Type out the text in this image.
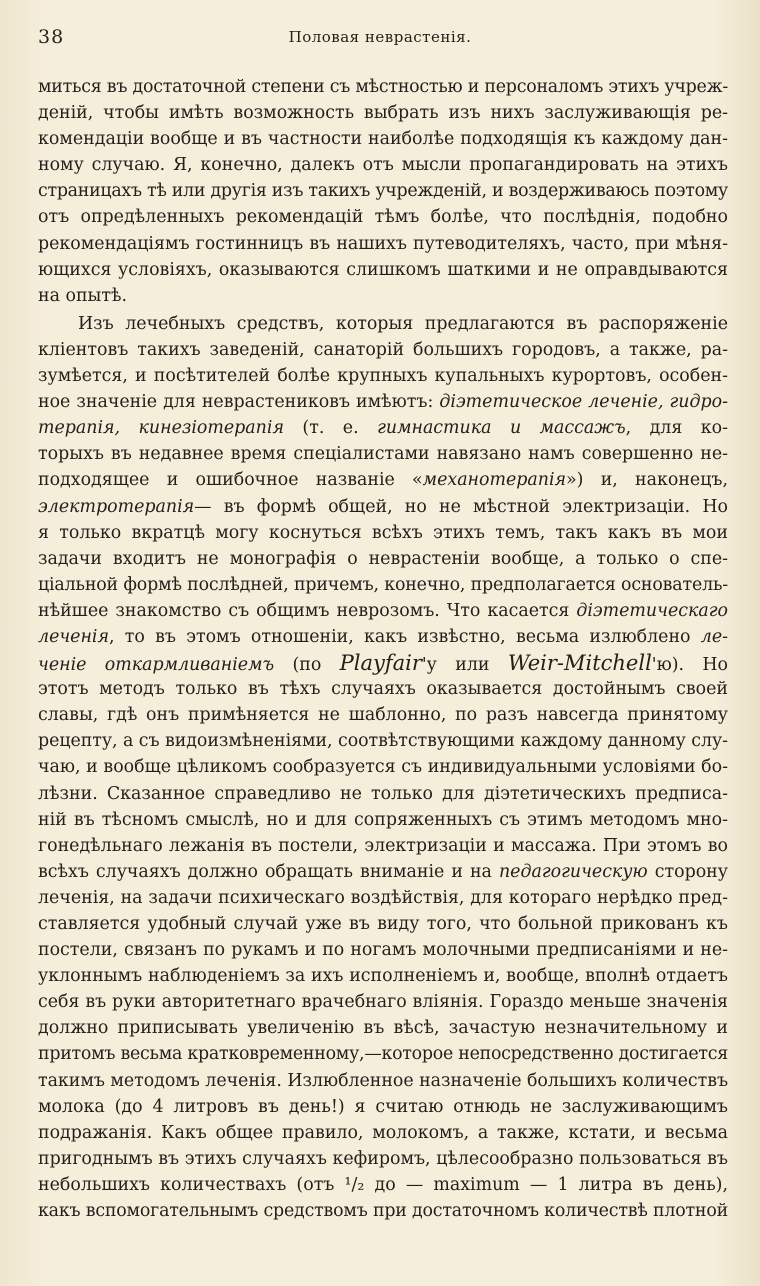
38	Половая неврастенія.
миться въ достаточной степени съ мѣстностью и персоналомъ этихъ учреж-
деній, чтобы имѣть возможность выбрать изъ нихъ заслуживающія ре-
комендаціи вообще и въ частности наиболѣе подходящія къ каждому дан-
ному случаю. Я, конечно, далекъ отъ мысли пропагандировать на этихъ
страницахъ тѣ или другія изъ такихъ учрежденій, и воздерживаюсь поэтому
отъ опредѣленныхъ рекомендацій тѣмъ болѣе, что послѣднія, подобно
рекомендаціямъ гостинницъ въ нашихъ путеводителяхъ, часто, при мѣня-
ющихся условіяхъ, оказываются слишкомъ шаткими и не оправдываются
на опытѣ.
Изъ лечебныхъ средствъ, которыя предлагаются въ распоряженіе
кліентовъ такихъ заведеній, санаторій большихъ городовъ, а также, ра-
зумѣется, и посѣтителей болѣе крупныхъ купальныхъ курортовъ, особен-
ное значеніе для неврастениковъ имѣютъ: діэтетическое леченіе, гидро-
терапія, кинезіотерапія (т. е. гимнастика и массажъ, для ко-
торыхъ въ недавнее время спеціалистами навязано намъ совершенно не-
подходящее и ошибочное названіе «механотерапія») и, наконецъ,
электротерапія— въ формѣ общей, но не мѣстной электризаціи. Но
я только вкратцѣ могу коснуться всѣхъ этихъ темъ, такъ какъ въ мои
задачи входитъ не монографія о неврастеніи вообще, а только о спе-
ціальной формѣ послѣдней, причемъ, конечно, предполагается основатель-
нѣйшее знакомство съ общимъ неврозомъ. Что касается діэтетическаго
леченія, то въ этомъ отношеніи, какъ извѣстно, весьма излюблено ле-
ченіе откармливаніемъ (по Playfair'у или Weir-Mitchell'ю). Но
этотъ методъ только въ тѣхъ случаяхъ оказывается достойнымъ своей
славы, гдѣ онъ примѣняется не шаблонно, по разъ навсегда принятому
рецепту, а съ видоизмѣненіями, соотвѣтствующими каждому данному слу-
чаю, и вообще цѣликомъ сообразуется съ индивидуальными условіями бо-
лѣзни. Сказанное справедливо не только для діэтетическихъ предписа-
ній въ тѣсномъ смыслѣ, но и для сопряженныхъ съ этимъ методомъ мно-
гонедѣльнаго лежанія въ постели, электризаціи и массажа. При этомъ во
всѣхъ случаяхъ должно обращать вниманіе и на педагогическую сторону
леченія, на задачи психическаго воздѣйствія, для котораго нерѣдко пред-
ставляется удобный случай уже въ виду того, что больной прикованъ къ
постели, связанъ по рукамъ и по ногамъ молочными предписаніями и не-
уклоннымъ наблюденіемъ за ихъ исполненіемъ и, вообще, вполнѣ отдаетъ
себя въ руки авторитетнаго врачебнаго вліянія. Гораздо меньше значенія
должно приписывать увеличенію въ вѣсѣ, зачастую незначительному и
притомъ весьма кратковременному,—которое непосредственно достигается
такимъ методомъ леченія. Излюбленное назначеніе большихъ количествъ
молока (до 4 литровъ въ день!) я считаю отнюдь не заслуживающимъ
подражанія. Какъ общее правило, молокомъ, а также, кстати, и весьма
пригоднымъ въ этихъ случаяхъ кефиромъ, цѣлесообразно пользоваться въ
небольшихъ количествахъ (отъ ¹/₂ до — maximum — 1 литра въ день),
какъ вспомогательнымъ средствомъ при достаточномъ количествѣ плотной
